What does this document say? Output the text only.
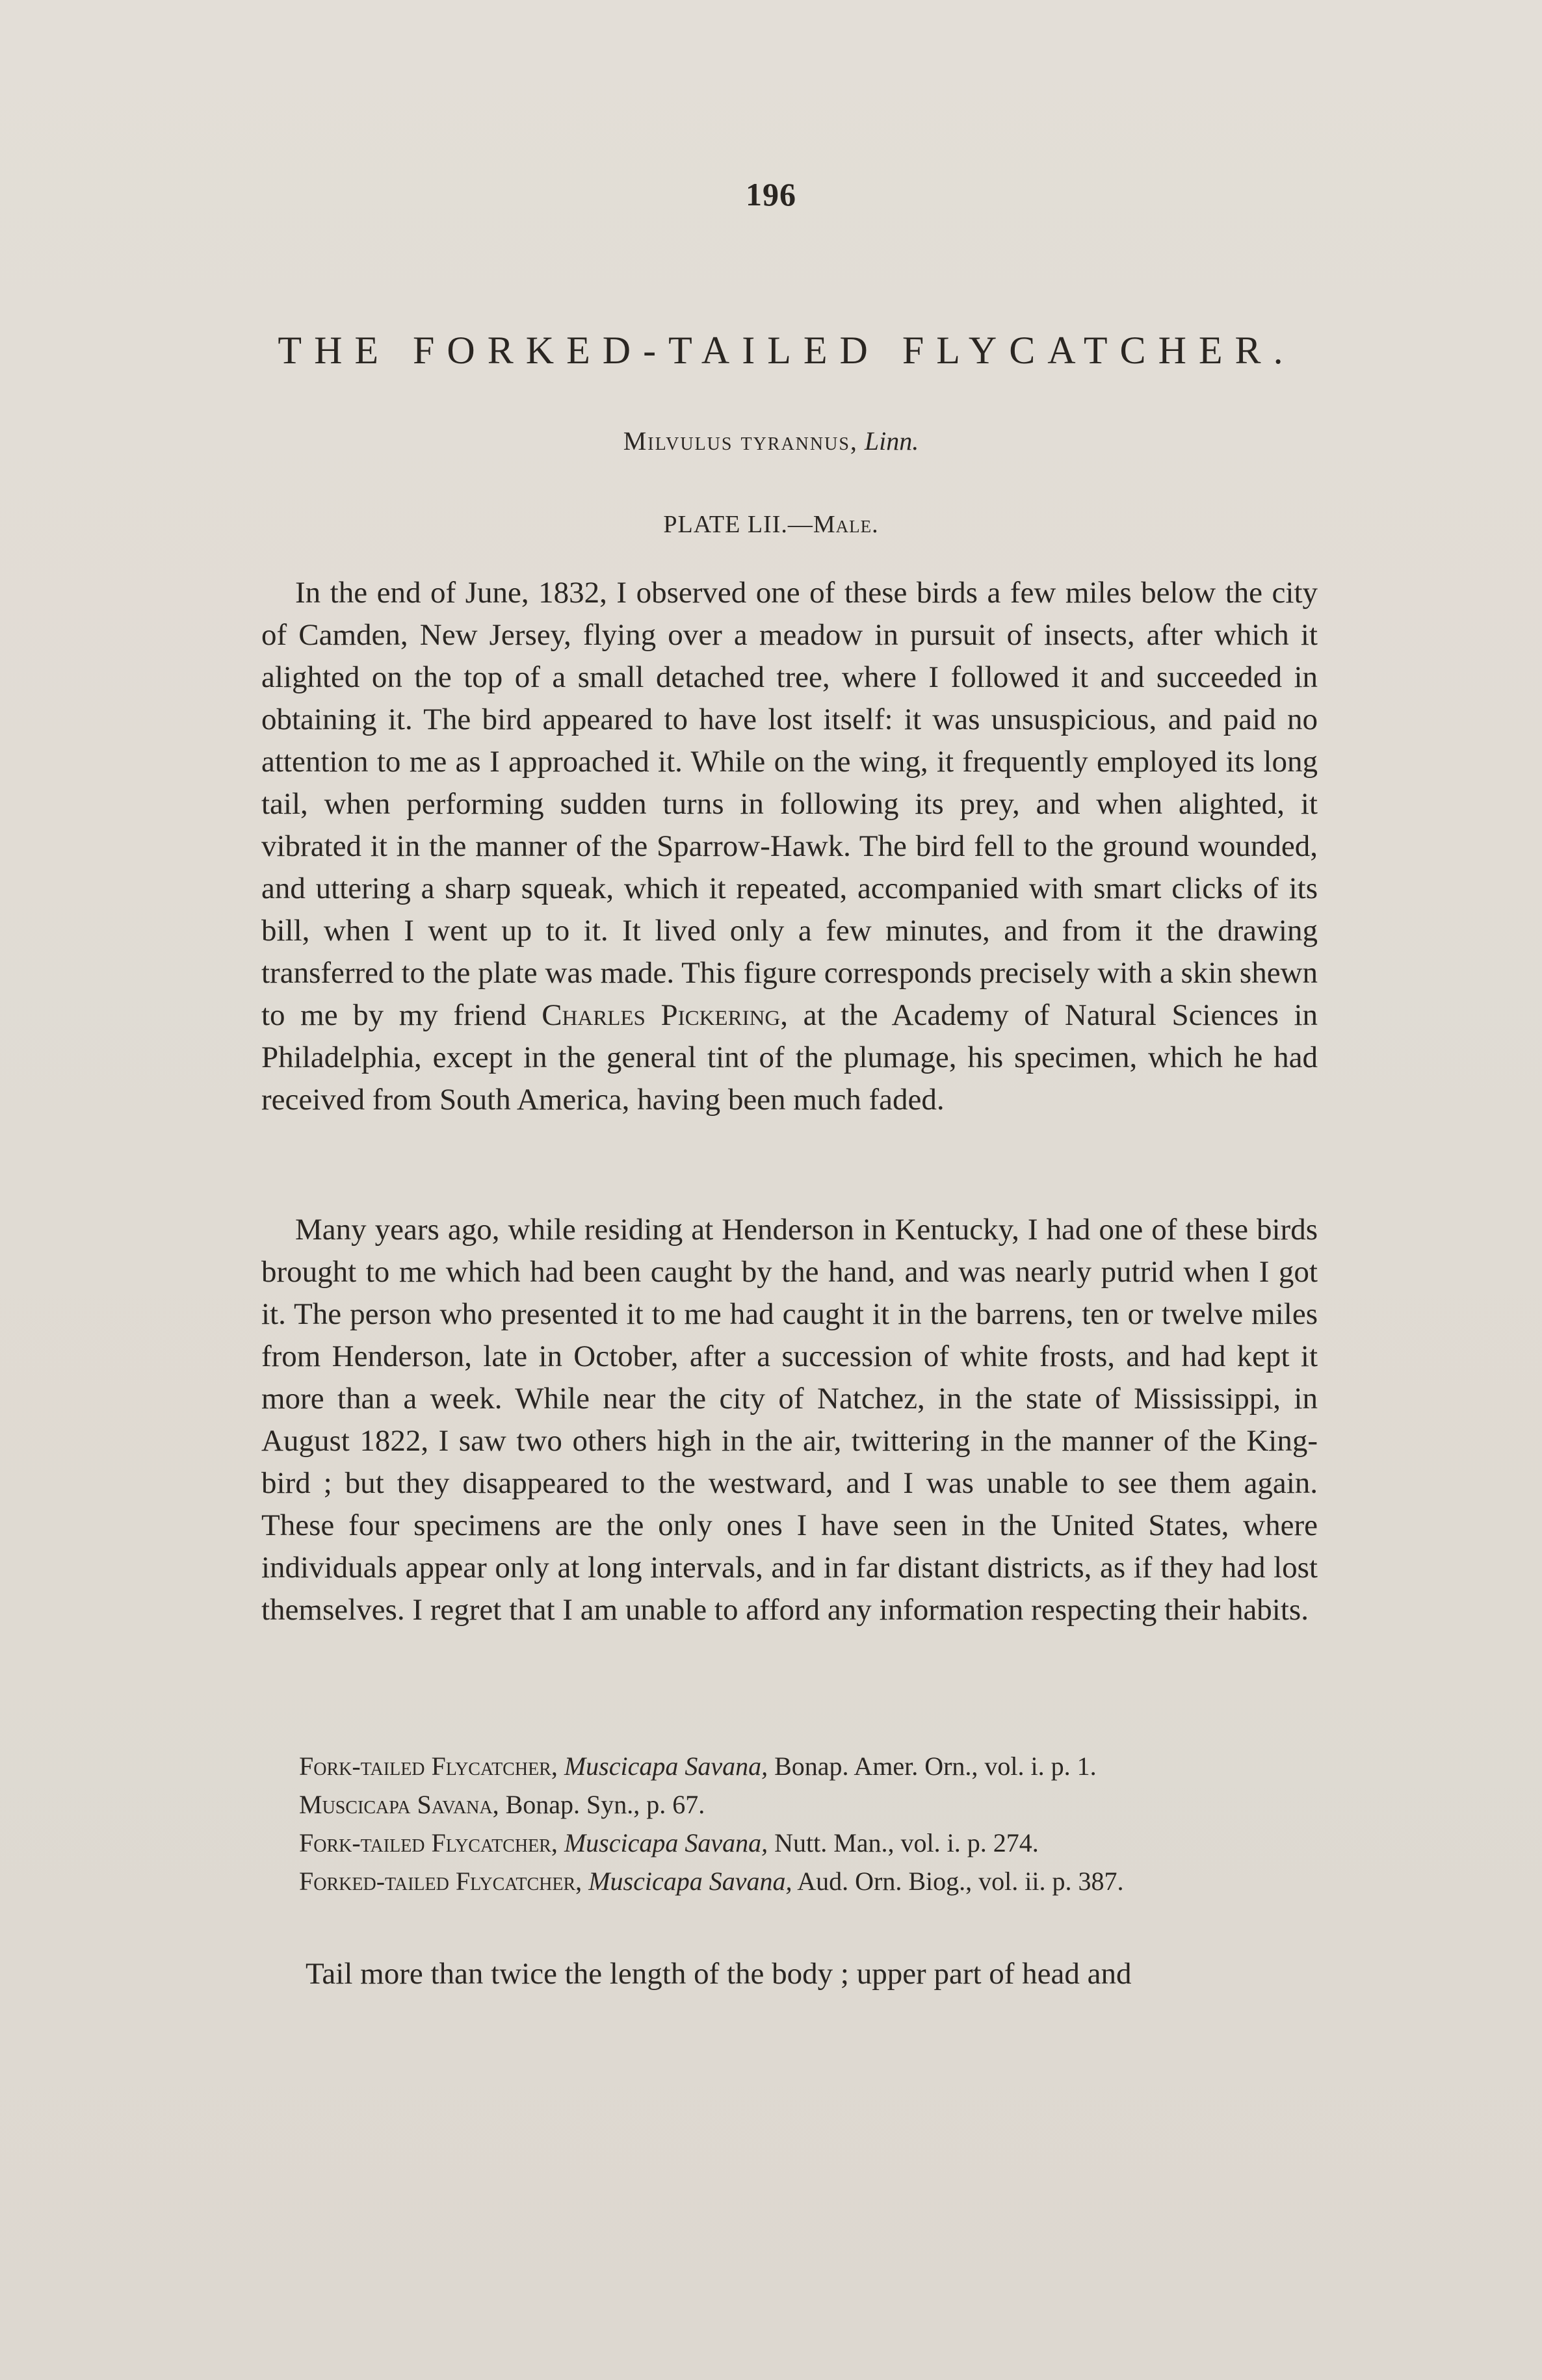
196
THE FORKED-TAILED FLYCATCHER.
Milvulus tyrannus, Linn.
PLATE LII.—Male.

In the end of June, 1832, I observed one of these birds a few miles below the city of Camden, New Jersey, flying over a meadow in pursuit of insects, after which it alighted on the top of a small detached tree, where I followed it and succeeded in obtaining it. The bird appeared to have lost itself: it was unsuspicious, and paid no attention to me as I approached it. While on the wing, it frequently employed its long tail, when performing sudden turns in following its prey, and when alighted, it vibrated it in the manner of the Sparrow-Hawk. The bird fell to the ground wounded, and uttering a sharp squeak, which it repeated, accompanied with smart clicks of its bill, when I went up to it. It lived only a few minutes, and from it the drawing transferred to the plate was made. This figure corresponds precisely with a skin shewn to me by my friend Charles Pickering, at the Academy of Natural Sciences in Philadelphia, except in the general tint of the plumage, his specimen, which he had received from South America, having been much faded.

Many years ago, while residing at Henderson in Kentucky, I had one of these birds brought to me which had been caught by the hand, and was nearly putrid when I got it. The person who presented it to me had caught it in the barrens, ten or twelve miles from Henderson, late in October, after a succession of white frosts, and had kept it more than a week. While near the city of Natchez, in the state of Mississippi, in August 1822, I saw two others high in the air, twittering in the manner of the King-bird ; but they disappeared to the westward, and I was unable to see them again. These four specimens are the only ones I have seen in the United States, where individuals appear only at long intervals, and in far distant districts, as if they had lost themselves. I regret that I am unable to afford any information respecting their habits.

Fork-tailed Flycatcher, Muscicapa Savana, Bonap. Amer. Orn., vol. i. p. 1.
Muscicapa Savana, Bonap. Syn., p. 67.
Fork-tailed Flycatcher, Muscicapa Savana, Nutt. Man., vol. i. p. 274.
Forked-tailed Flycatcher, Muscicapa Savana, Aud. Orn. Biog., vol. ii. p. 387.
Tail more than twice the length of the body ; upper part of head and
